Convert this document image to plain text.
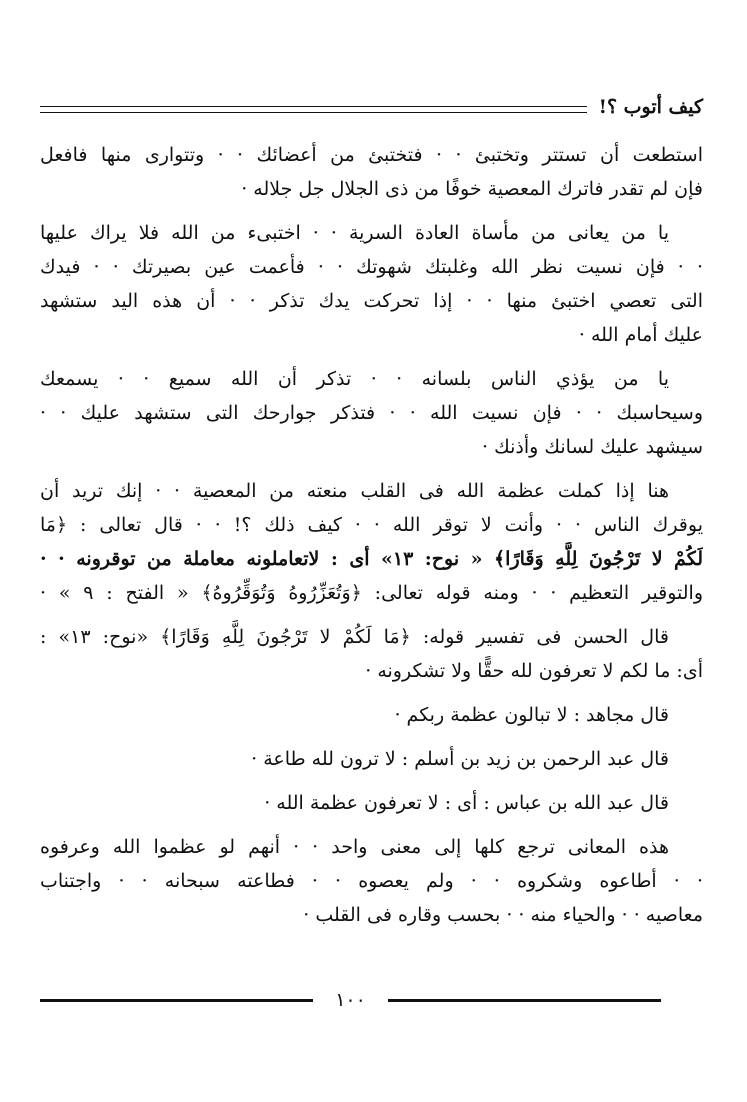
كيف أتوب ؟!
استطعت أن تستتر وتختبئ · · فتختبئ من أعضائك · · وتتوارى منها فافعل
فإن لم تقدر فاترك المعصية خوفًا من ذى الجلال جل جلاله ·
يا من يعانى من مأساة العادة السرية · · اختبىء من الله فلا يراك عليها
· · فإن نسيت نظر الله وغلبتك شهوتك · · فأعمت عين بصيرتك · · فيدك
التى تعصي اختبئ منها · · إذا تحركت يدك تذكر · · أن هذه اليد ستشهد
عليك أمام الله ·
يا من يؤذي الناس بلسانه · · تذكر أن الله سميع · · يسمعك
وسيحاسبك · · فإن نسيت الله · · فتذكر جوارحك التى ستشهد عليك · ·
سيشهد عليك لسانك وأذنك ·
هنا إذا كملت عظمة الله فى القلب منعته من المعصية · · إنك تريد أن
يوقرك الناس · · وأنت لا توقر الله · · كيف ذلك ؟! · · قال تعالى : ﴿مَا
لَكُمْ لا تَرْجُونَ لِلَّهِ وَقَارًا﴾ « نوح: ١٣» أى : لاتعاملونه معاملة من توقرونه · ·
والتوقير التعظيم · · ومنه قوله تعالى: ﴿وَتُعَزِّرُوهُ وَتُوَقِّرُوهُ﴾ « الفتح : ٩ » ·
قال الحسن فى تفسير قوله: ﴿مَا لَكُمْ لا تَرْجُونَ لِلَّهِ وَقَارًا﴾ «نوح: ١٣» :
أى: ما لكم لا تعرفون لله حقًّا ولا تشكرونه ·
قال مجاهد : لا تبالون عظمة ربكم ·
قال عبد الرحمن بن زيد بن أسلم : لا ترون لله طاعة ·
قال عبد الله بن عباس : أى : لا تعرفون عظمة الله ·
هذه المعانى ترجع كلها إلى معنى واحد · · أنهم لو عظموا الله وعرفوه
· · أطاعوه وشكروه · · ولم يعصوه · · فطاعته سبحانه · · واجتناب
معاصيه · · والحياء منه · · بحسب وقاره فى القلب ·
١٠٠
